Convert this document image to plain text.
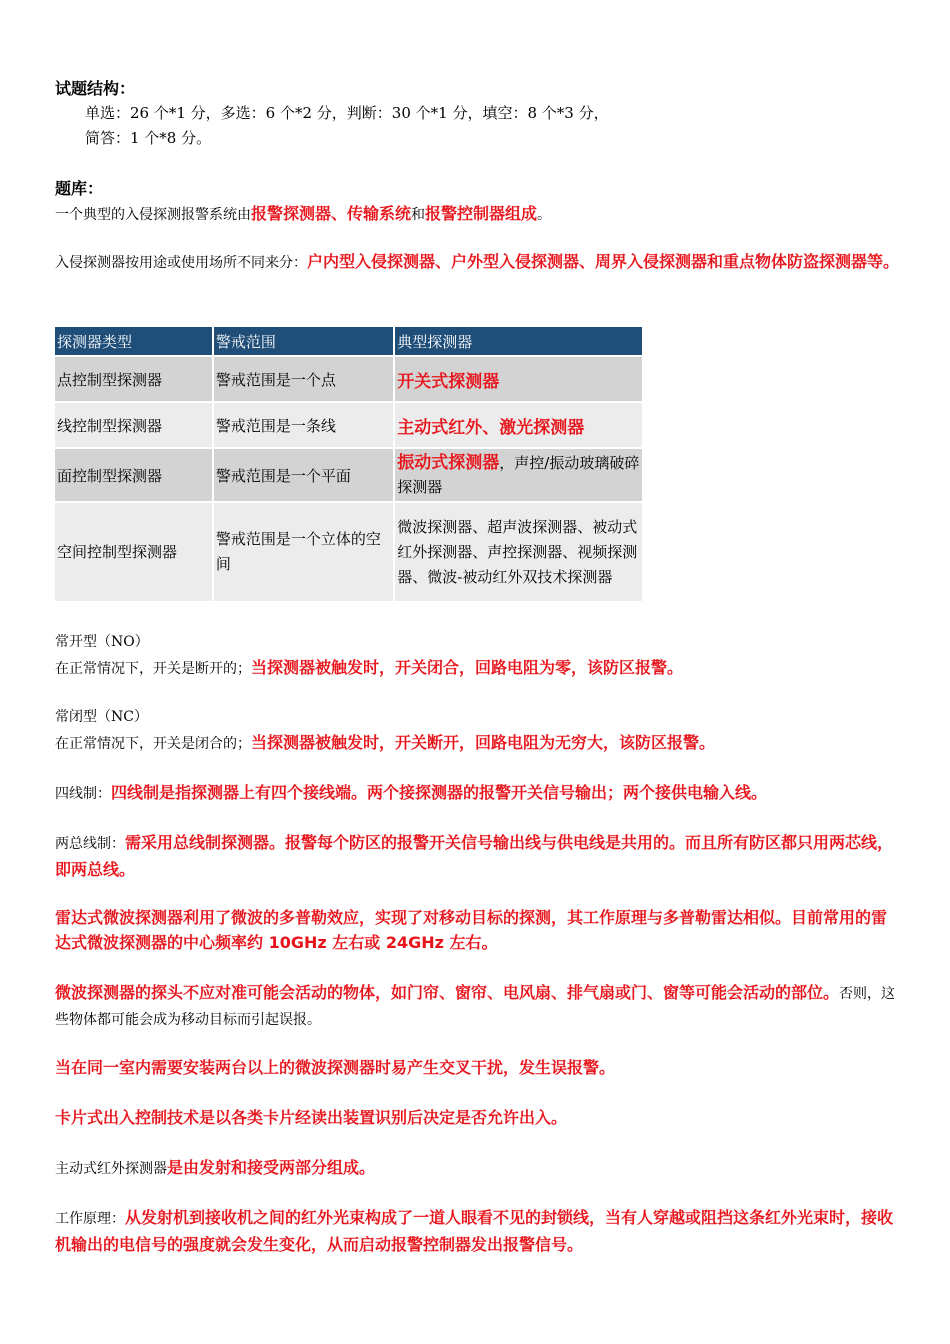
试题结构：
单选：26 个*1 分，多选：6 个*2 分，判断：30 个*1 分，填空：8 个*3 分，
简答：1 个*8 分。
题库：
一个典型的入侵探测报警系统由报警探测器、传输系统和报警控制器组成。
入侵探测器按用途或使用场所不同来分：户内型入侵探测器、户外型入侵探测器、周界入侵探测器和重点物体防盗探测器等。
探测器类型	警戒范围	典型探测器
点控制型探测器	警戒范围是一个点	开关式探测器
线控制型探测器	警戒范围是一条线	主动式红外、激光探测器
面控制型探测器	警戒范围是一个平面	振动式探测器，声控/振动玻璃破碎探测器
空间控制型探测器	警戒范围是一个立体的空间	微波探测器、超声波探测器、被动式红外探测器、声控探测器、视频探测器、微波-被动红外双技术探测器
常开型（NO）
在正常情况下，开关是断开的；当探测器被触发时，开关闭合，回路电阻为零，该防区报警。
常闭型（NC）
在正常情况下，开关是闭合的；当探测器被触发时，开关断开，回路电阻为无穷大，该防区报警。
四线制：四线制是指探测器上有四个接线端。两个接探测器的报警开关信号输出；两个接供电输入线。
两总线制：需采用总线制探测器。报警每个防区的报警开关信号输出线与供电线是共用的。而且所有防区都只用两芯线，即两总线。
雷达式微波探测器利用了微波的多普勒效应，实现了对移动目标的探测，其工作原理与多普勒雷达相似。目前常用的雷达式微波探测器的中心频率约 10GHz 左右或 24GHz 左右。
微波探测器的探头不应对准可能会活动的物体，如门帘、窗帘、电风扇、排气扇或门、窗等可能会活动的部位。否则，这些物体都可能会成为移动目标而引起误报。
当在同一室内需要安装两台以上的微波探测器时易产生交叉干扰，发生误报警。
卡片式出入控制技术是以各类卡片经读出装置识别后决定是否允许出入。
主动式红外探测器是由发射和接受两部分组成。
工作原理：从发射机到接收机之间的红外光束构成了一道人眼看不见的封锁线，当有人穿越或阻挡这条红外光束时，接收机输出的电信号的强度就会发生变化，从而启动报警控制器发出报警信号。
